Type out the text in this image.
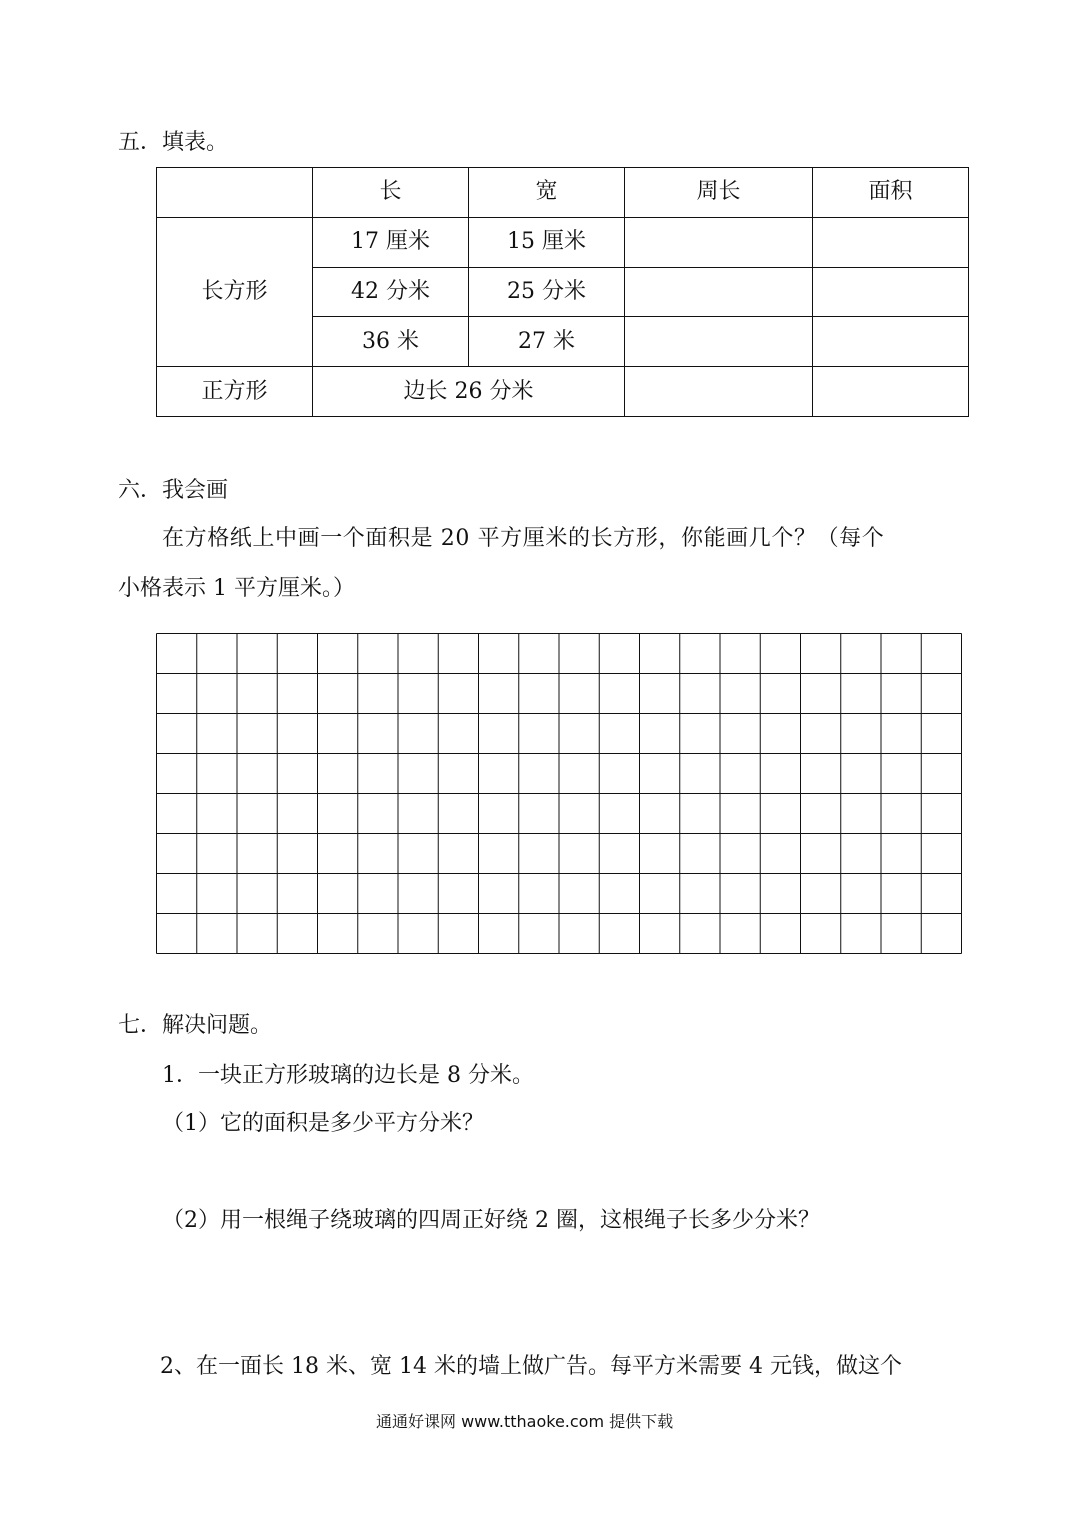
五．填表。
	长	宽	周长	面积
长方形	17 厘米	15 厘米		
	42 分米	25 分米		
	36 米	27 米		
正方形	边长 26 分米			
六．我会画
在方格纸上中画一个面积是 20 平方厘米的长方形，你能画几个？（每个
小格表示 1 平方厘米。）
七．解决问题。
1．一块正方形玻璃的边长是 8 分米。
（1）它的面积是多少平方分米？
（2）用一根绳子绕玻璃的四周正好绕 2 圈，这根绳子长多少分米？
2、在一面长 18 米、宽 14 米的墙上做广告。每平方米需要 4 元钱，做这个
通通好课网 www.tthaoke.com 提供下载
